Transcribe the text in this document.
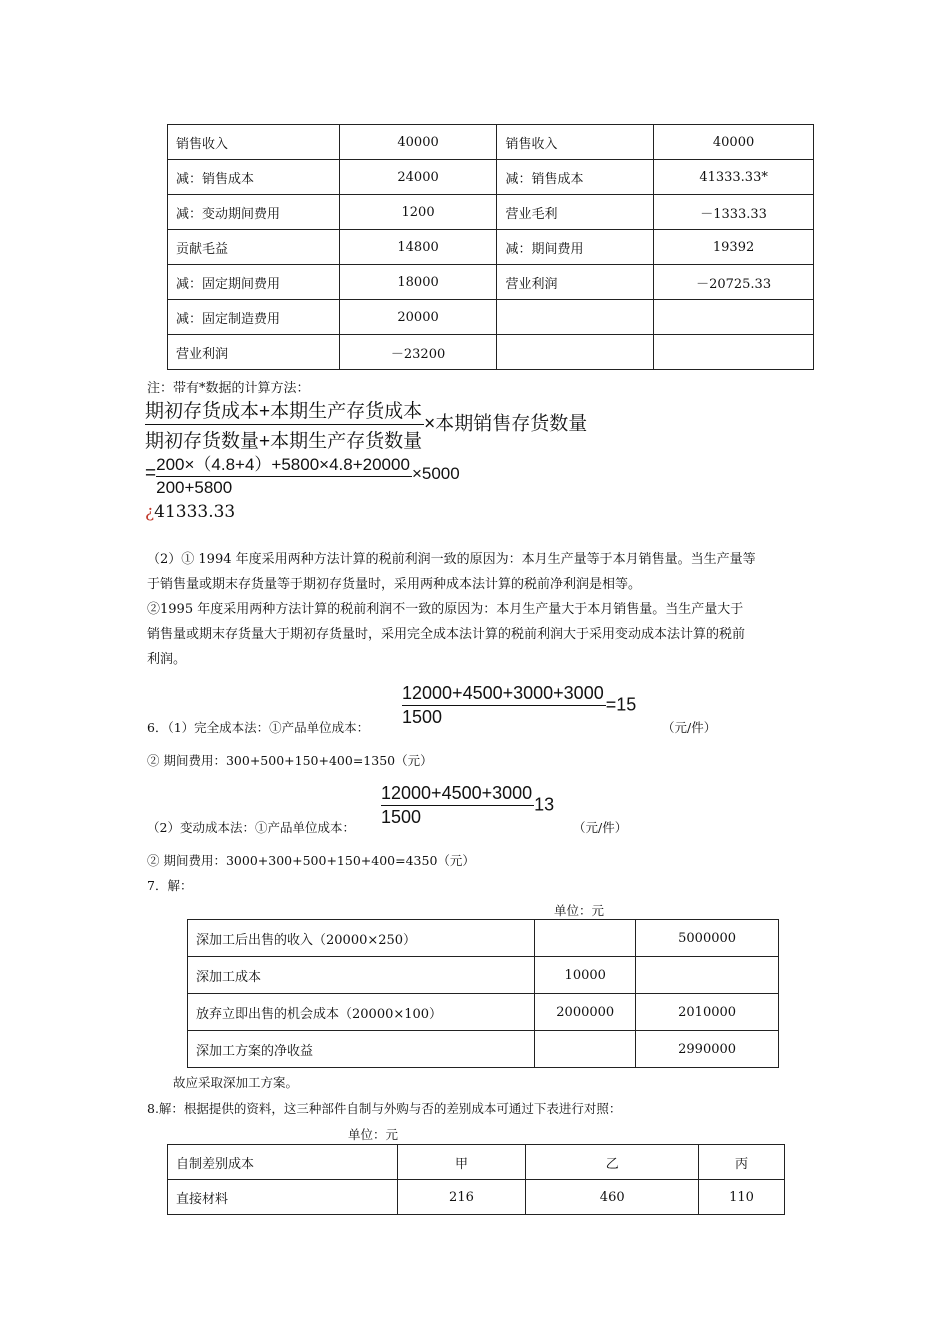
销售收入	40000	销售收入	40000
减：销售成本	24000	减：销售成本	41333.33*
减：变动期间费用	1200	营业毛利	－1333.33
贡献毛益	14800	减：期间费用	19392
减：固定期间费用	18000	营业利润	－20725.33
减：固定制造费用	20000		
营业利润	－23200		
注：带有*数据的计算方法：
$\frac{\text{期初存货成本+本期生产存货成本}}{\text{期初存货数量+本期生产存货数量}}$ ×本期销售存货数量
= $\frac{200\times(4.8+4)+5800\times 4.8+20000}{200+5800} \times 5000$
¿41333.33
（2）① 1994 年度采用两种方法计算的税前利润一致的原因为：本月生产量等于本月销售量。当生产量等
于销售量或期末存货量等于期初存货量时，采用两种成本法计算的税前净利润是相等。
②1995 年度采用两种方法计算的税前利润不一致的原因为：本月生产量大于本月销售量。当生产量大于
销售量或期末存货量大于期初存货量时，采用完全成本法计算的税前利润大于采用变动成本法计算的税前
利润。
6．（1）完全成本法：①产品单位成本： $\frac{12000+4500+3000+3000}{1500} =15$
（元/件）
② 期间费用：300+500+150+400=1350（元）
（2）变动成本法：①产品单位成本： $\frac{12000+4500+3000}{1500} 13$
（元/件）
② 期间费用：3000+300+500+150+400=4350（元）
7．解：
单位：元
深加工后出售的收入（20000×250）		5000000
深加工成本	10000	
放弃立即出售的机会成本（20000×100）	2000000	2010000
深加工方案的净收益		2990000
故应采取深加工方案。
8.解：根据提供的资料，这三种部件自制与外购与否的差别成本可通过下表进行对照：
单位：元
自制差别成本	甲	乙	丙
直接材料	216	460	110
